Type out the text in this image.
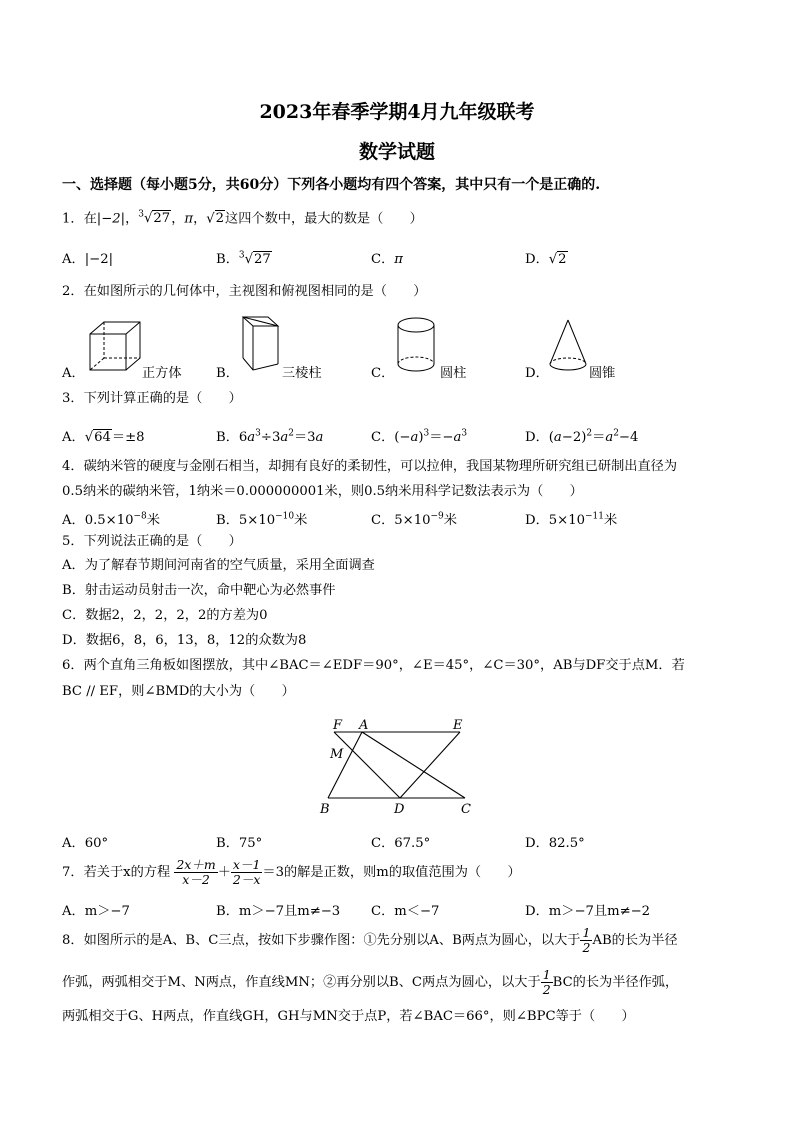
2023年春季学期4月九年级联考
数学试题
一、选择题（每小题5分，共60分）下列各小题均有四个答案，其中只有一个是正确的.
1．在|−2|，$^3$√27，π，√2这四个数中，最大的数是（　　）
A．|−2|	B．$^3$√27	C．π	D．√2
2．在如图所示的几何体中，主视图和俯视图相同的是（　　）
A．	正方体	B．	三棱柱	C．	圆柱	D．	圆锥
3．下列计算正确的是（　　）
A．√64＝±8	B．$6a^3\div 3a^2=3a$	C．$(-a)^3=-a^3$	D．$(a-2)^2=a^2-4$
4．碳纳米管的硬度与金刚石相当，却拥有良好的柔韧性，可以拉伸，我国某物理所研究组已研制出直径为
0.5纳米的碳纳米管，1纳米＝0.000000001米，则0.5纳米用科学记数法表示为（　　）
A．$0.5\times 10^{-8}$米	B．$5\times 10^{-10}$米	C．$5\times 10^{-9}$米	D．$5\times 10^{-11}$米
5．下列说法正确的是（　　）
A．为了解春节期间河南省的空气质量，采用全面调查
B．射击运动员射击一次，命中靶心为必然事件
C．数据2，2，2，2，2的方差为0
D．数据6，8，6，13，8，12的众数为8
6．两个直角三角板如图摆放，其中∠BAC＝∠EDF＝90°，∠E＝45°，∠C＝30°，AB与DF交于点M．若
BC // EF，则∠BMD的大小为（　　）
F A	E
M
B	D	C
A．60°	B．75°	C．67.5°	D．82.5°
7．若关于x的方程 $\frac{2x+m}{x-2} + \frac{x-1}{2-x} =3$的解是正数，则m的取值范围为（　　）
A．m＞−7	B．m＞−7且m≠−3 C．m＜−7	D．m＞−7且m≠−2
8．如图所示的是A、B、C三点，按如下步骤作图：①先分别以A、B两点为圆心，以大于 $\frac{1}{2}$ AB的长为半径
作弧，两弧相交于M、N两点，作直线MN；②再分别以B、C两点为圆心，以大于 $\frac{1}{2}$ BC的长为半径作弧，
两弧相交于G、H两点，作直线GH，GH与MN交于点P，若∠BAC＝66°，则∠BPC等于（　　）
